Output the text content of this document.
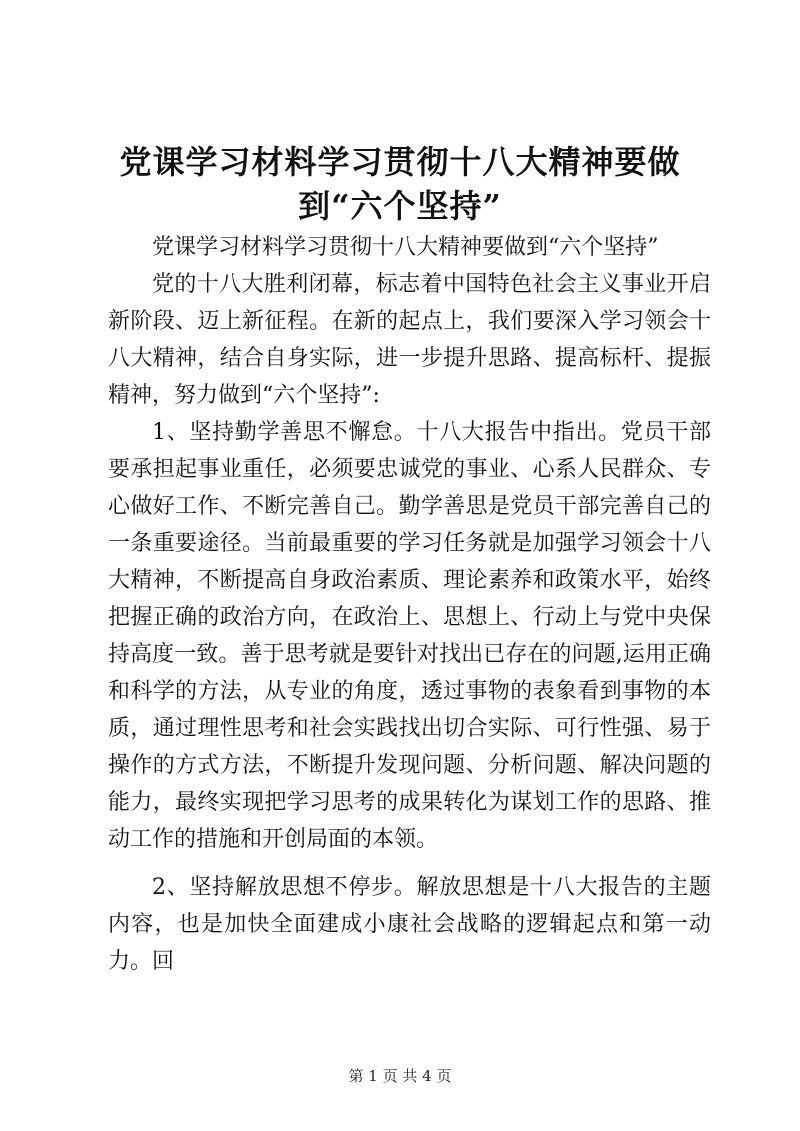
党课学习材料学习贯彻十八大精神要做到“六个坚持”

党课学习材料学习贯彻十八大精神要做到“六个坚持”

党的十八大胜利闭幕，标志着中国特色社会主义事业开启新阶段、迈上新征程。在新的起点上，我们要深入学习领会十八大精神，结合自身实际，进一步提升思路、提高标杆、提振精神，努力做到“六个坚持”:

1、坚持勤学善思不懈怠。十八大报告中指出。党员干部要承担起事业重任，必须要忠诚党的事业、心系人民群众、专心做好工作、不断完善自己。勤学善思是党员干部完善自己的一条重要途径。当前最重要的学习任务就是加强学习领会十八大精神，不断提高自身政治素质、理论素养和政策水平，始终把握正确的政治方向，在政治上、思想上、行动上与党中央保持高度一致。善于思考就是要针对找出已存在的问题,运用正确和科学的方法，从专业的角度，透过事物的表象看到事物的本质，通过理性思考和社会实践找出切合实际、可行性强、易于操作的方式方法，不断提升发现问题、分析问题、解决问题的能力，最终实现把学习思考的成果转化为谋划工作的思路、推动工作的措施和开创局面的本领。

2、坚持解放思想不停步。解放思想是十八大报告的主题内容，也是加快全面建成小康社会战略的逻辑起点和第一动力。回

第 1 页 共 4 页
